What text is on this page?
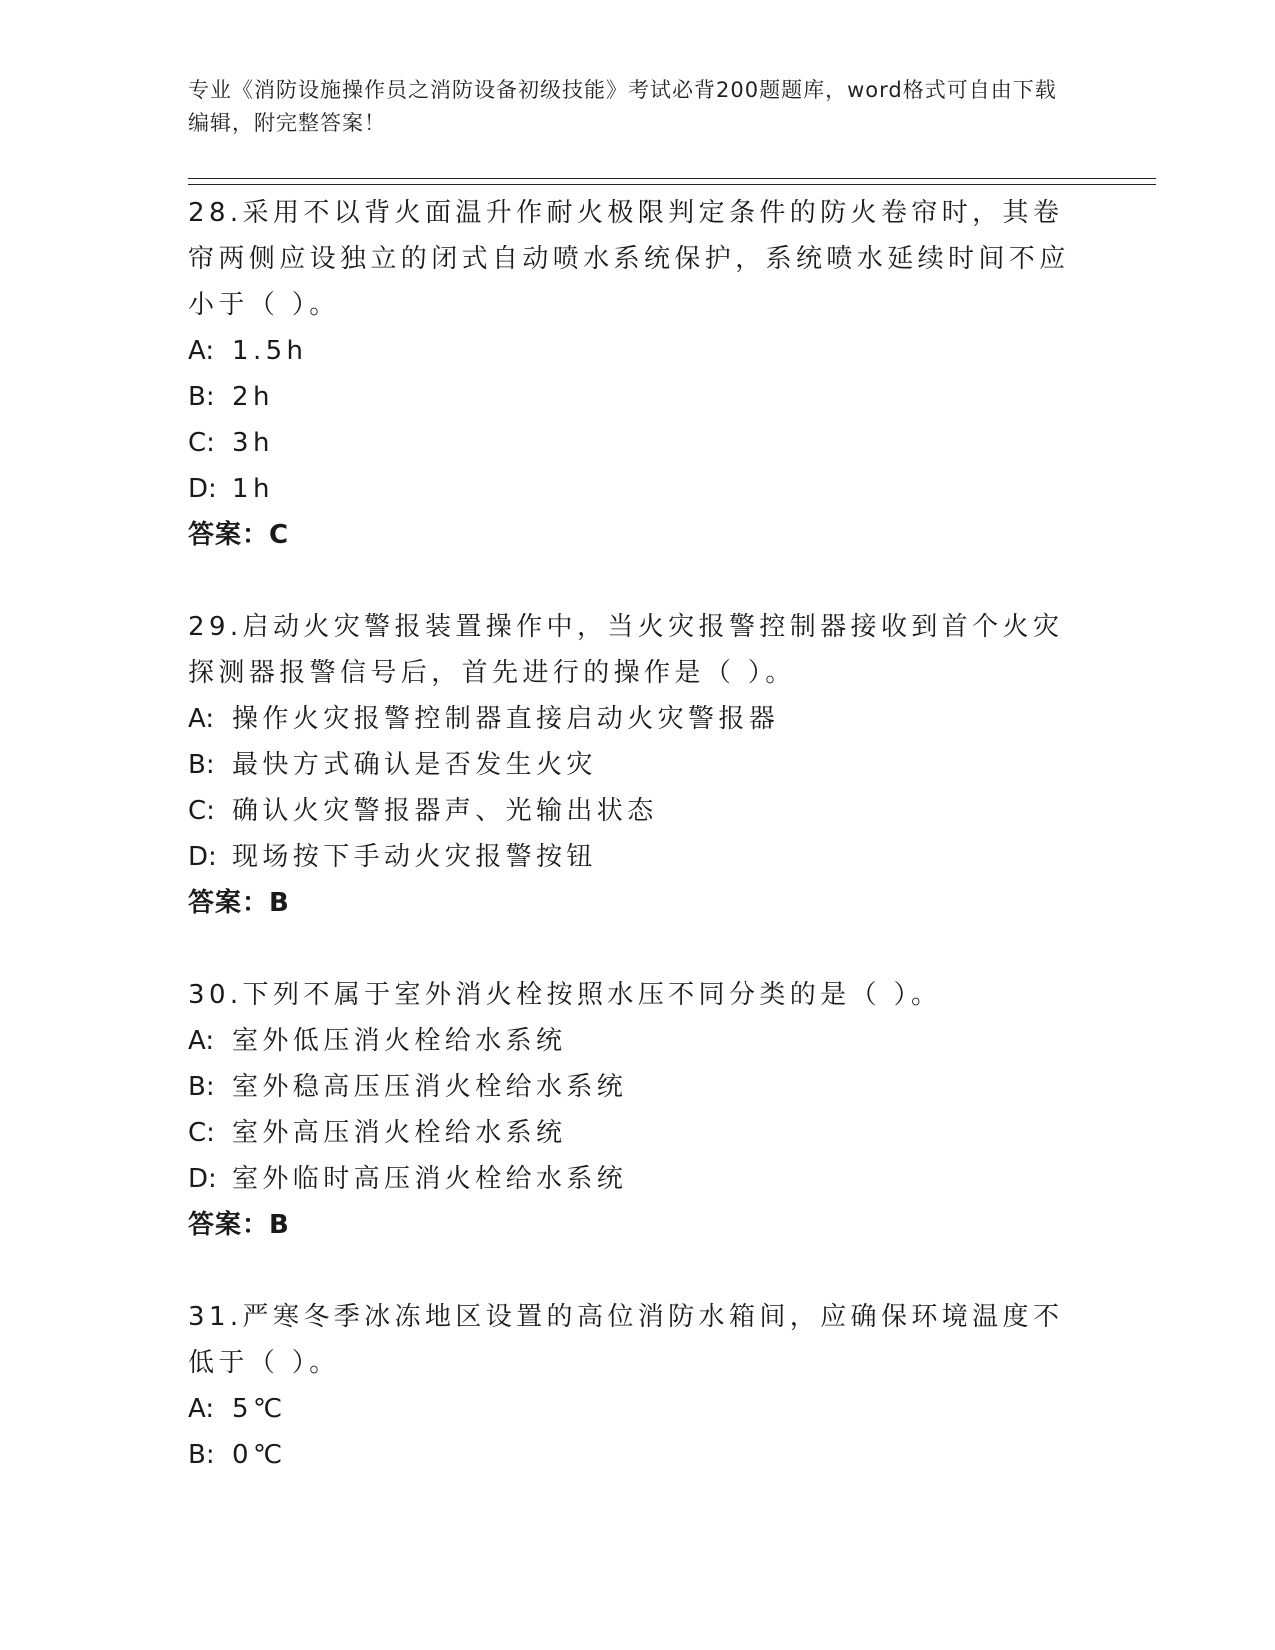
专业《消防设施操作员之消防设备初级技能》考试必背200题题库，word格式可自由下载编辑，附完整答案！

28.采用不以背火面温升作耐火极限判定条件的防火卷帘时，其卷帘两侧应设独立的闭式自动喷水系统保护，系统喷水延续时间不应小于（ ）。

A: 1.5h

B: 2h

C: 3h

D: 1h

答案：C

29.启动火灾警报装置操作中，当火灾报警控制器接收到首个火灾探测器报警信号后，首先进行的操作是（ ）。

A: 操作火灾报警控制器直接启动火灾警报器

B: 最快方式确认是否发生火灾

C: 确认火灾警报器声、光输出状态

D: 现场按下手动火灾报警按钮

答案：B

30.下列不属于室外消火栓按照水压不同分类的是（ ）。

A: 室外低压消火栓给水系统

B: 室外稳高压压消火栓给水系统

C: 室外高压消火栓给水系统

D: 室外临时高压消火栓给水系统

答案：B

31.严寒冬季冰冻地区设置的高位消防水箱间，应确保环境温度不低于（ ）。

A: 5℃

B: 0℃
